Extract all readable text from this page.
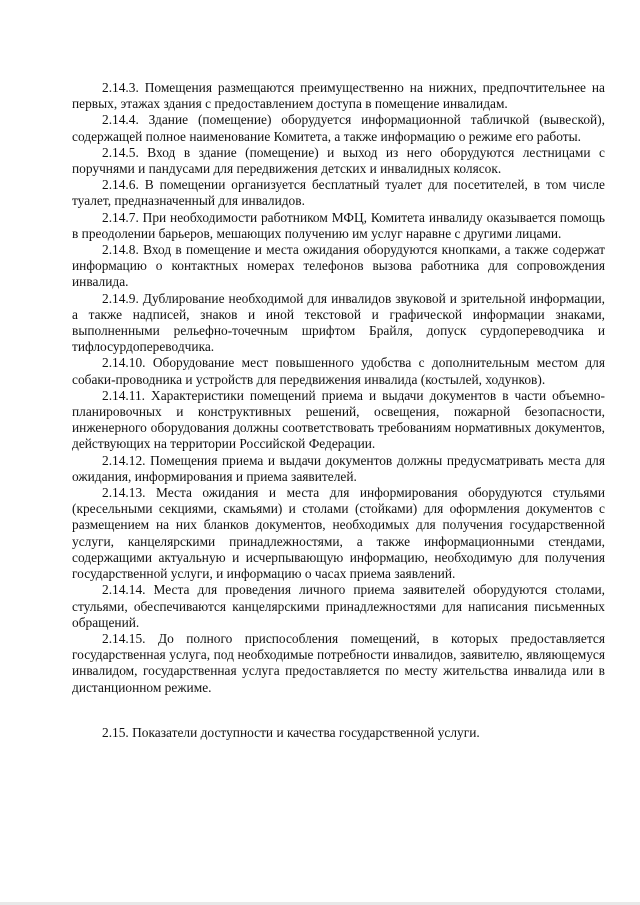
2.14.3. Помещения размещаются преимущественно на нижних, предпочтительнее на первых, этажах здания с предоставлением доступа в помещение инвалидам.

2.14.4. Здание (помещение) оборудуется информационной табличкой (вывеской), содержащей полное наименование Комитета, а также информацию о режиме его работы.

2.14.5. Вход в здание (помещение) и выход из него оборудуются лестницами с поручнями и пандусами для передвижения детских и инвалидных колясок.

2.14.6. В помещении организуется бесплатный туалет для посетителей, в том числе туалет, предназначенный для инвалидов.

2.14.7. При необходимости работником МФЦ, Комитета инвалиду оказывается помощь в преодолении барьеров, мешающих получению им услуг наравне с другими лицами.

2.14.8. Вход в помещение и места ожидания оборудуются кнопками, а также содержат информацию о контактных номерах телефонов вызова работника для сопровождения инвалида.

2.14.9. Дублирование необходимой для инвалидов звуковой и зрительной информации, а также надписей, знаков и иной текстовой и графической информации знаками, выполненными рельефно-точечным шрифтом Брайля, допуск сурдопереводчика и тифлосурдопереводчика.

2.14.10. Оборудование мест повышенного удобства с дополнительным местом для собаки-проводника и устройств для передвижения инвалида (костылей, ходунков).

2.14.11. Характеристики помещений приема и выдачи документов в части объемно-планировочных и конструктивных решений, освещения, пожарной безопасности, инженерного оборудования должны соответствовать требованиям нормативных документов, действующих на территории Российской Федерации.

2.14.12. Помещения приема и выдачи документов должны предусматривать места для ожидания, информирования и приема заявителей.

2.14.13. Места ожидания и места для информирования оборудуются стульями (кресельными секциями, скамьями) и столами (стойками) для оформления документов с размещением на них бланков документов, необходимых для получения государственной услуги, канцелярскими принадлежностями, а также информационными стендами, содержащими актуальную и исчерпывающую информацию, необходимую для получения государственной услуги, и информацию о часах приема заявлений.

2.14.14. Места для проведения личного приема заявителей оборудуются столами, стульями, обеспечиваются канцелярскими принадлежностями для написания письменных обращений.

2.14.15. До полного приспособления помещений, в которых предоставляется государственная услуга, под необходимые потребности инвалидов, заявителю, являющемуся инвалидом, государственная услуга предоставляется по месту жительства инвалида или в дистанционном режиме.

2.15. Показатели доступности и качества государственной услуги.
